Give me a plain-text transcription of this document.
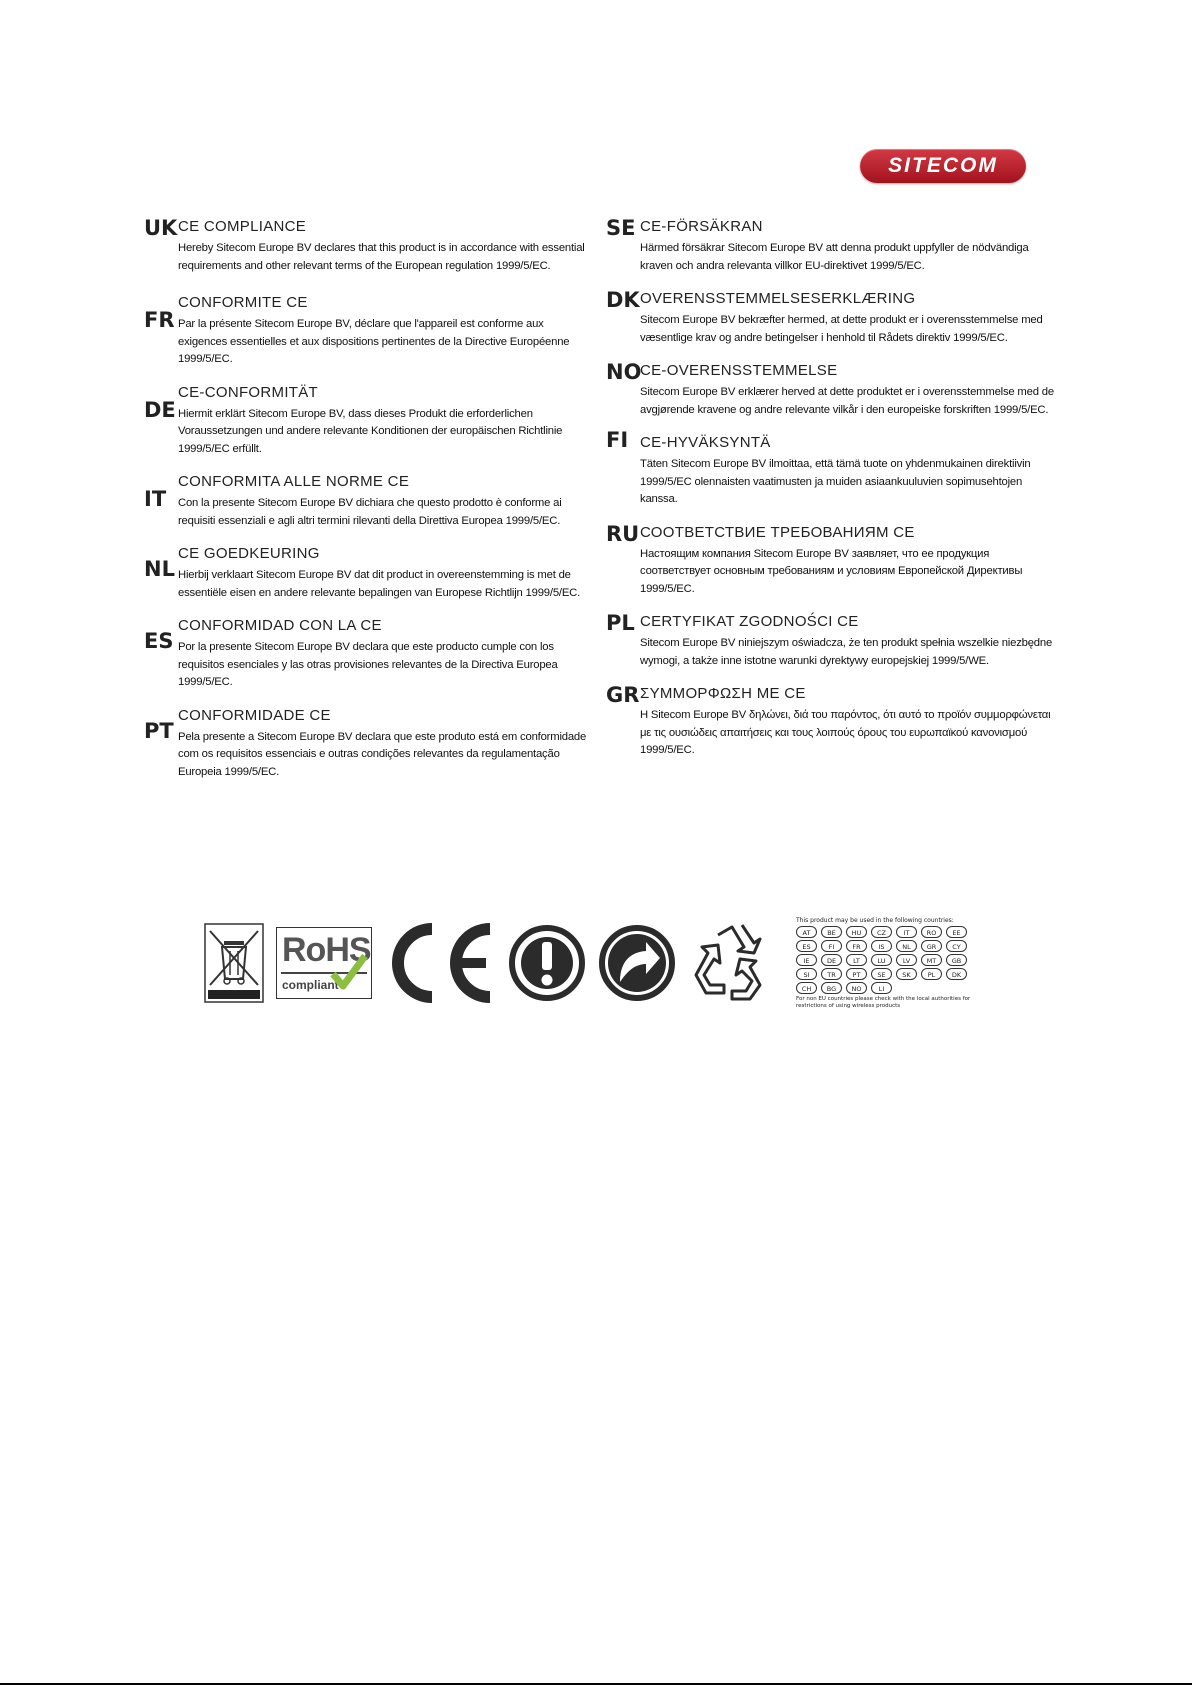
SITECOM
UK CE COMPLIANCE

Hereby Sitecom Europe BV declares that this product is in accordance with essential requirements and other relevant terms of the European regulation 1999/5/EC.

FR

CONFORMITE CE

Par la présente Sitecom Europe BV, déclare que l'appareil est conforme aux exigences essentielles et aux dispositions pertinentes de la Directive Européenne 1999/5/EC.

DE

CE-CONFORMITÄT

Hiermit erklärt Sitecom Europe BV, dass dieses Produkt die erforderlichen Voraussetzungen und andere relevante Konditionen der europäischen Richtlinie 1999/5/EC erfüllt.

IT

CONFORMITA ALLE NORME CE

Con la presente Sitecom Europe BV dichiara che questo prodotto è conforme ai requisiti essenziali e agli altri termini rilevanti della Direttiva Europea 1999/5/EC.

NL

CE GOEDKEURING

Hierbij verklaart Sitecom Europe BV dat dit product in overeenstemming is met de essentiële eisen en andere relevante bepalingen van Europese Richtlijn 1999/5/EC.

ES

CONFORMIDAD CON LA CE

Por la presente Sitecom Europe BV declara que este producto cumple con los requisitos esenciales y las otras provisiones relevantes de la Directiva Europea 1999/5/EC.

PT

CONFORMIDADE CE

Pela presente a Sitecom Europe BV declara que este produto está em conformidade com os requisitos essenciais e outras condições relevantes da regulamentação Europeia 1999/5/EC.

SE CE-FÖRSÄKRAN

Härmed försäkrar Sitecom Europe BV att denna produkt uppfyller de nödvändiga kraven och andra relevanta villkor EU-direktivet 1999/5/EC.

DK OVERENSSTEMMELSESERKLÆRING

Sitecom Europe BV bekræfter hermed, at dette produkt er i overensstemmelse med væsentlige krav og andre betingelser i henhold til Rådets direktiv 1999/5/EC.

NO

CE-OVERENSSTEMMELSE

Sitecom Europe BV erklærer herved at dette produktet er i overensstemmelse med de avgjørende kravene og andre relevante vilkår i den europeiske forskriften 1999/5/EC.

FI CE-HYVÄKSYNTÄ

Täten Sitecom Europe BV ilmoittaa, että tämä tuote on yhdenmukainen direktiivin 1999/5/EC olennaisten vaatimusten ja muiden asiaankuuluvien sopimusehtojen kanssa.

RU СООТВЕТСТВИЕ ТРЕБОВАНИЯМ CE

Настоящим компания Sitecom Europe BV заявляет, что ее продукция соответствует основным требованиям и условиям Европейской Директивы 1999/5/EC.

PL CERTYFIKAT ZGODNOŚCI CE

Sitecom Europe BV niniejszym oświadcza, że ten produkt spełnia wszelkie niezbędne wymogi, a także inne istotne warunki dyrektywy europejskiej 1999/5/WE.

GR ΣΥΜΜΟΡΦΩΣΗ ΜΕ CE

H Sitecom Europe BV δηλώνει, διά του παρόντος, ότι αυτό το προϊόν συμμορφώνεται με τις ουσιώδεις απαιτήσεις και τους λοιπούς όρους του ευρωπαϊκού κανονισμού 1999/5/EC.

RoHS
compliant

This product may be used in the following countries:

AT	BE	HU	CZ	IT	RO	EE
ES	FI	FR	IS	NL	GR	CY
IE	DE	LT	LU	LV	MT	GB
SI	TR	PT	SE	SK	PL	DK
CH	BG	NO	LI

For non EU countries please check with the local authorities for restrictions of using wireless products
